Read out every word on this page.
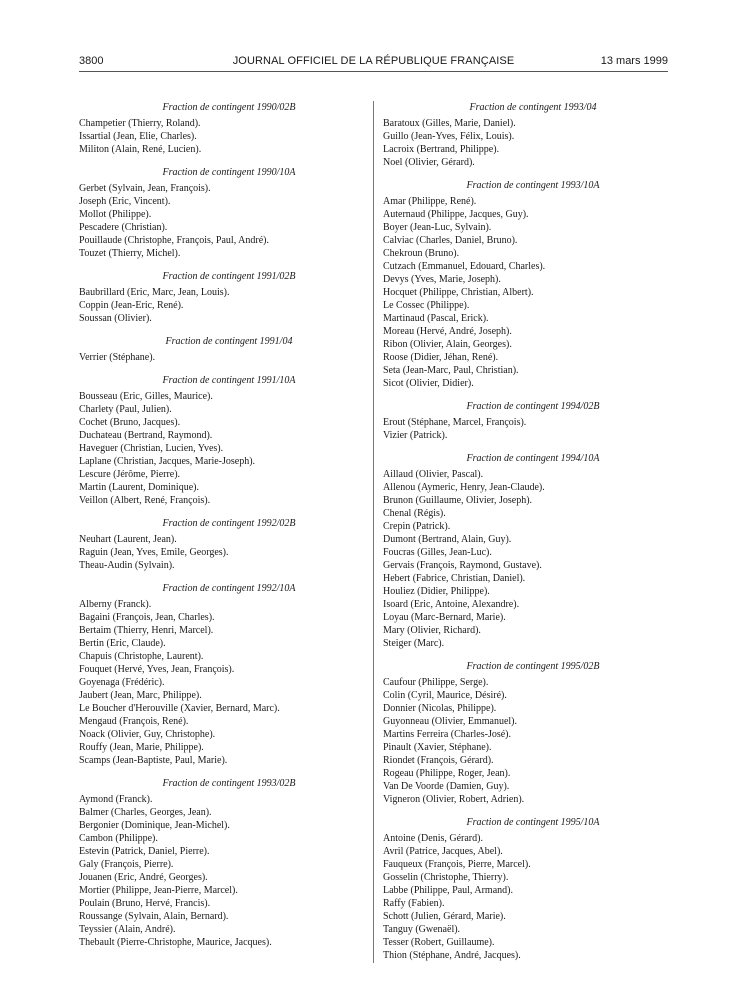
3800	JOURNAL OFFICIEL DE LA RÉPUBLIQUE FRANÇAISE	13 mars 1999
Fraction de contingent 1990/02B
Champetier (Thierry, Roland).
Issartial (Jean, Elie, Charles).
Militon (Alain, René, Lucien).
Fraction de contingent 1990/10A
Gerbet (Sylvain, Jean, François).
Joseph (Eric, Vincent).
Mollot (Philippe).
Pescadere (Christian).
Pouillaude (Christophe, François, Paul, André).
Touzet (Thierry, Michel).
Fraction de contingent 1991/02B
Baubrillard (Eric, Marc, Jean, Louis).
Coppin (Jean-Eric, René).
Soussan (Olivier).
Fraction de contingent 1991/04
Verrier (Stéphane).
Fraction de contingent 1991/10A
Bousseau (Eric, Gilles, Maurice).
Charlety (Paul, Julien).
Cochet (Bruno, Jacques).
Duchateau (Bertrand, Raymond).
Haveguer (Christian, Lucien, Yves).
Laplane (Christian, Jacques, Marie-Joseph).
Lescure (Jérôme, Pierre).
Martin (Laurent, Dominique).
Veillon (Albert, René, François).
Fraction de contingent 1992/02B
Neuhart (Laurent, Jean).
Raguin (Jean, Yves, Emile, Georges).
Theau-Audin (Sylvain).
Fraction de contingent 1992/10A
Alberny (Franck).
Bagaini (François, Jean, Charles).
Bertaim (Thierry, Henri, Marcel).
Bertin (Eric, Claude).
Chapuis (Christophe, Laurent).
Fouquet (Hervé, Yves, Jean, François).
Goyenaga (Frédéric).
Jaubert (Jean, Marc, Philippe).
Le Boucher d'Herouville (Xavier, Bernard, Marc).
Mengaud (François, René).
Noack (Olivier, Guy, Christophe).
Rouffy (Jean, Marie, Philippe).
Scamps (Jean-Baptiste, Paul, Marie).
Fraction de contingent 1993/02B
Aymond (Franck).
Balmer (Charles, Georges, Jean).
Bergonier (Dominique, Jean-Michel).
Cambon (Philippe).
Estevin (Patrick, Daniel, Pierre).
Galy (François, Pierre).
Jouanen (Eric, André, Georges).
Mortier (Philippe, Jean-Pierre, Marcel).
Poulain (Bruno, Hervé, Francis).
Roussange (Sylvain, Alain, Bernard).
Teyssier (Alain, André).
Thebault (Pierre-Christophe, Maurice, Jacques).
Fraction de contingent 1993/04
Baratoux (Gilles, Marie, Daniel).
Guillo (Jean-Yves, Félix, Louis).
Lacroix (Bertrand, Philippe).
Noel (Olivier, Gérard).
Fraction de contingent 1993/10A
Amar (Philippe, René).
Auternaud (Philippe, Jacques, Guy).
Boyer (Jean-Luc, Sylvain).
Calviac (Charles, Daniel, Bruno).
Chekroun (Bruno).
Cutzach (Emmanuel, Edouard, Charles).
Devys (Yves, Marie, Joseph).
Hocquet (Philippe, Christian, Albert).
Le Cossec (Philippe).
Martinaud (Pascal, Erick).
Moreau (Hervé, André, Joseph).
Ribon (Olivier, Alain, Georges).
Roose (Didier, Jéhan, René).
Seta (Jean-Marc, Paul, Christian).
Sicot (Olivier, Didier).
Fraction de contingent 1994/02B
Erout (Stéphane, Marcel, François).
Vizier (Patrick).
Fraction de contingent 1994/10A
Aillaud (Olivier, Pascal).
Allenou (Aymeric, Henry, Jean-Claude).
Brunon (Guillaume, Olivier, Joseph).
Chenal (Régis).
Crepin (Patrick).
Dumont (Bertrand, Alain, Guy).
Foucras (Gilles, Jean-Luc).
Gervais (François, Raymond, Gustave).
Hebert (Fabrice, Christian, Daniel).
Houliez (Didier, Philippe).
Isoard (Eric, Antoine, Alexandre).
Loyau (Marc-Bernard, Marie).
Mary (Olivier, Richard).
Steiger (Marc).
Fraction de contingent 1995/02B
Caufour (Philippe, Serge).
Colin (Cyril, Maurice, Désiré).
Donnier (Nicolas, Philippe).
Guyonneau (Olivier, Emmanuel).
Martins Ferreira (Charles-José).
Pinault (Xavier, Stéphane).
Riondet (François, Gérard).
Rogeau (Philippe, Roger, Jean).
Van De Voorde (Damien, Guy).
Vigneron (Olivier, Robert, Adrien).
Fraction de contingent 1995/10A
Antoine (Denis, Gérard).
Avril (Patrice, Jacques, Abel).
Fauqueux (François, Pierre, Marcel).
Gosselin (Christophe, Thierry).
Labbe (Philippe, Paul, Armand).
Raffy (Fabien).
Schott (Julien, Gérard, Marie).
Tanguy (Gwenaël).
Tesser (Robert, Guillaume).
Thion (Stéphane, André, Jacques).
